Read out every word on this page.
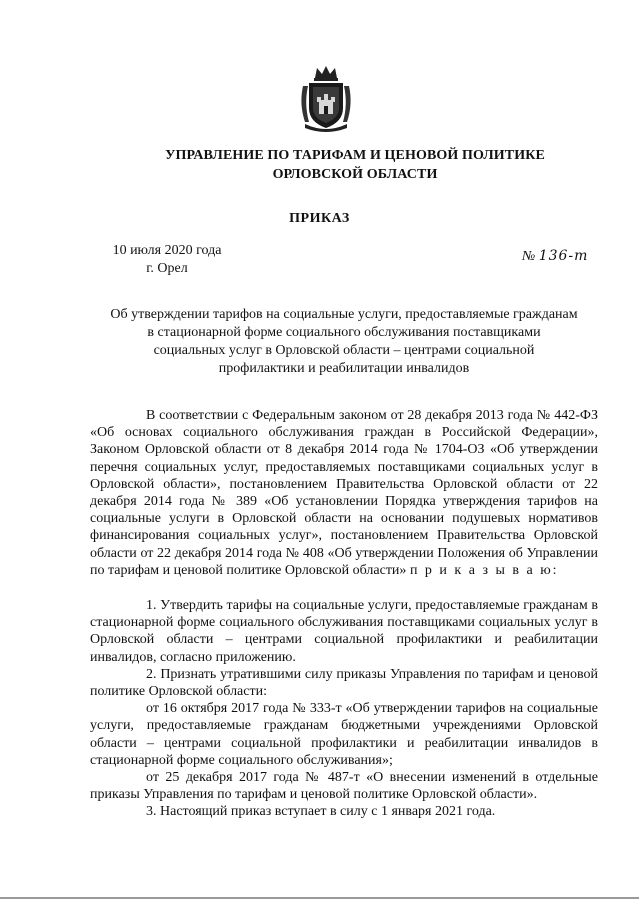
УПРАВЛЕНИЕ ПО ТАРИФАМ И ЦЕНОВОЙ ПОЛИТИКЕ
ОРЛОВСКОЙ ОБЛАСТИ
ПРИКАЗ
10 июля 2020 года
г. Орел
№ 136-т
Об утверждении тарифов на социальные услуги, предоставляемые гражданам
в стационарной форме социального обслуживания поставщиками
социальных услуг в Орловской области – центрами социальной
профилактики и реабилитации инвалидов

В соответствии с Федеральным законом от 28 декабря 2013 года № 442-ФЗ «Об основах социального обслуживания граждан в Российской Федерации», Законом Орловской области от 8 декабря 2014 года № 1704-ОЗ «Об утверждении перечня социальных услуг, предоставляемых поставщиками социальных услуг в Орловской области», постановлением Правительства Орловской области от 22 декабря 2014 года № 389 «Об установлении Порядка утверждения тарифов на социальные услуги в Орловской области на основании подушевых нормативов финансирования социальных услуг», постановлением Правительства Орловской области от 22 декабря 2014 года № 408 «Об утверждении Положения об Управлении по тарифам и ценовой политике Орловской области» п р и к а з ы в а ю:

1. Утвердить тарифы на социальные услуги, предоставляемые гражданам в стационарной форме социального обслуживания поставщиками социальных услуг в Орловской области – центрами социальной профилактики и реабилитации инвалидов, согласно приложению.

2. Признать утратившими силу приказы Управления по тарифам и ценовой политике Орловской области:

от 16 октября 2017 года № 333-т «Об утверждении тарифов на социальные услуги, предоставляемые гражданам бюджетными учреждениями Орловской области – центрами социальной профилактики и реабилитации инвалидов в стационарной форме социального обслуживания»;

от 25 декабря 2017 года № 487-т «О внесении изменений в отдельные приказы Управления по тарифам и ценовой политике Орловской области».

3. Настоящий приказ вступает в силу с 1 января 2021 года.
